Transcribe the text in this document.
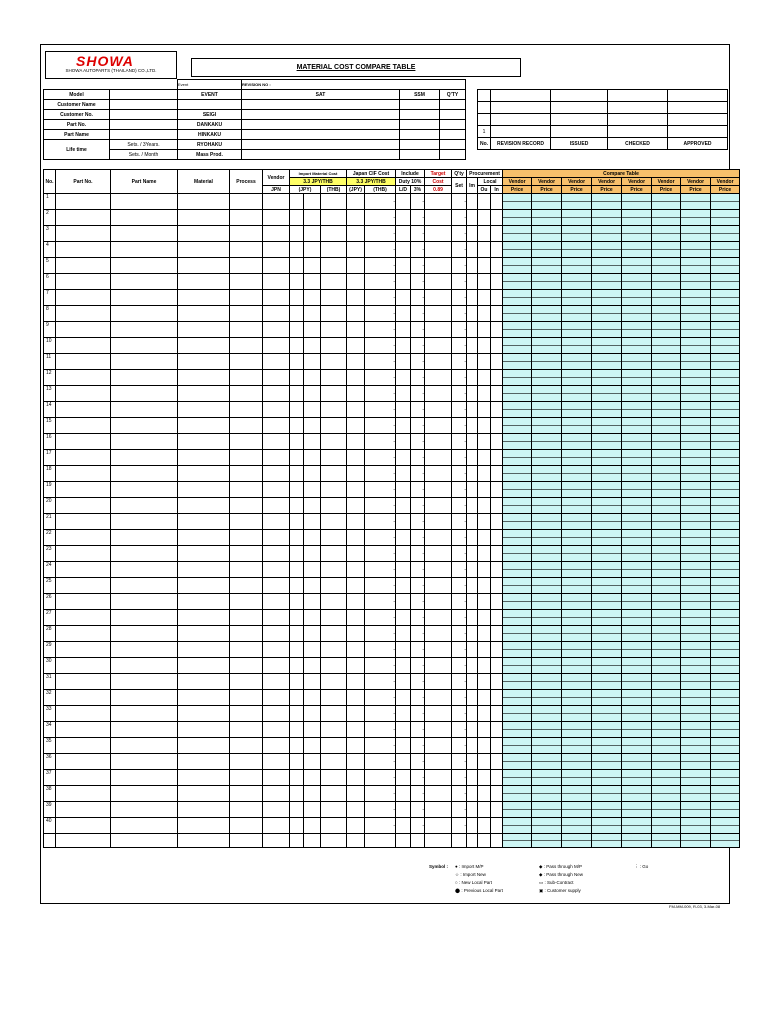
SHOWA
SHOWA AUTOPARTS (THAILAND) CO.,LTD.	MATERIAL COST COMPARE TABLE
		Event	REVISION NO :		
Model		EVENT	SAT	SSM	Q'TY
Customer Name					
Customer No.		SEIGI			
Part No.		DANKAKU			
Part Name		HINKAKU			
Life time	Sets. / 3Years.	RYOHAKU			
	Sets. / Month	Mass Prod.			

1				
No.	REVISION RECORD	ISSUED	CHECKED	APPROVED
No.	Part No.	Part Name	Material	Process	Vendor	Import Material Cost			Japan CIF Cost		Include		Target	Q'ty	Procurement			Compare Table							
						3.3 JPY/THB			3.3 JPY/THB		Duty 10%		Cost	Set	Im	Local		Vendor	Vendor	Vendor	Vendor	Vendor	Vendor	Vendor	Vendor
					JPN	(JPY)		(THB)	(JPY)	(THB)	L/D	3%	0.89			Ou	In	Price	Price	Price	Price	Price	Price	Price	Price
1										-		-		-											
2										-		-		-											
3										-		-		-											
4										-		-		-											
5										-		-		-											
6										-		-		-											
7										-		-		-											
8										-		-		-											
9										-		-		-											
10										-		-		-											
11										-		-		-											
12										-		-		-											
13										-		-		-											
14										-		-		-											
15										-		-		-											
16										-		-		-											
17										-		-		-											
18										-		-		-											
19										-		-		-											
20										-		-		-											
21										-		-		-											
22										-		-		-											
23										-		-		-											
24										-		-		-											
25										-		-		-											
26										-		-		-											
27										-		-		-											
28										-		-		-											
29										-		-		-											
30										-		-		-											
31										-		-		-											
32										-		-		-											
33										-		-		-											
34										-		-		-											
35										-		-		-											
36										-		-		-											
37										-		-		-											
38										-		-		-											
39										-		-		-											
40										-		-		-											

Symbol : ● : Import M/P
☆ : Import New
○ : New Local Part
⬤ : Previous Local Part
◆ : Pass through M/P
◆ : Pass through New
▭ : Sub-Contract
▣ : Customer supply
⋮ : Go
FM-MM-009, R-03, 3-Mar-08
